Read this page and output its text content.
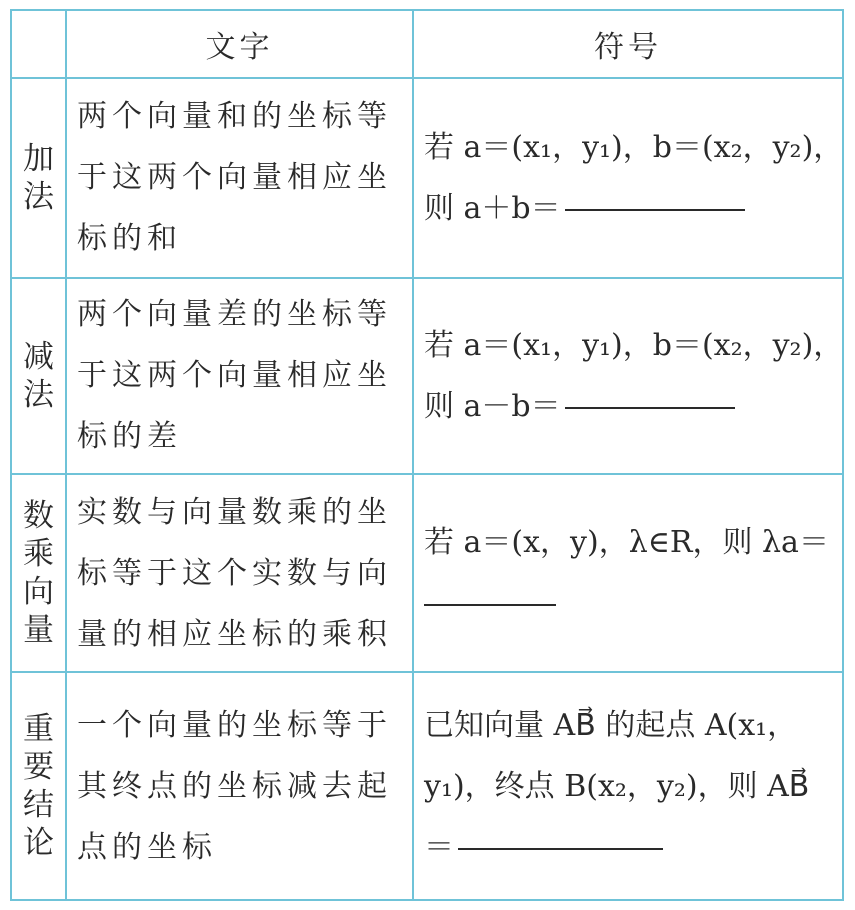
	文字	符号

加法	两个向量和的坐标等于这两个向量相应坐标的和	若 a＝(x₁，y₁)，b＝(x₂，y₂)，
则 a＋b＝

减法	两个向量差的坐标等于这两个向量相应坐标的差	若 a＝(x₁，y₁)，b＝(x₂，y₂)，
则 a－b＝

数乘向量	实数与向量数乘的坐标等于这个实数与向量的相应坐标的乘积	若 a＝(x，y)，λ∈R，则 λa＝

重要结论	一个向量的坐标等于其终点的坐标减去起点的坐标	已知向量 AB⃗ 的起点 A(x₁，
y₁)，终点 B(x₂，y₂)，则 AB⃗
＝
